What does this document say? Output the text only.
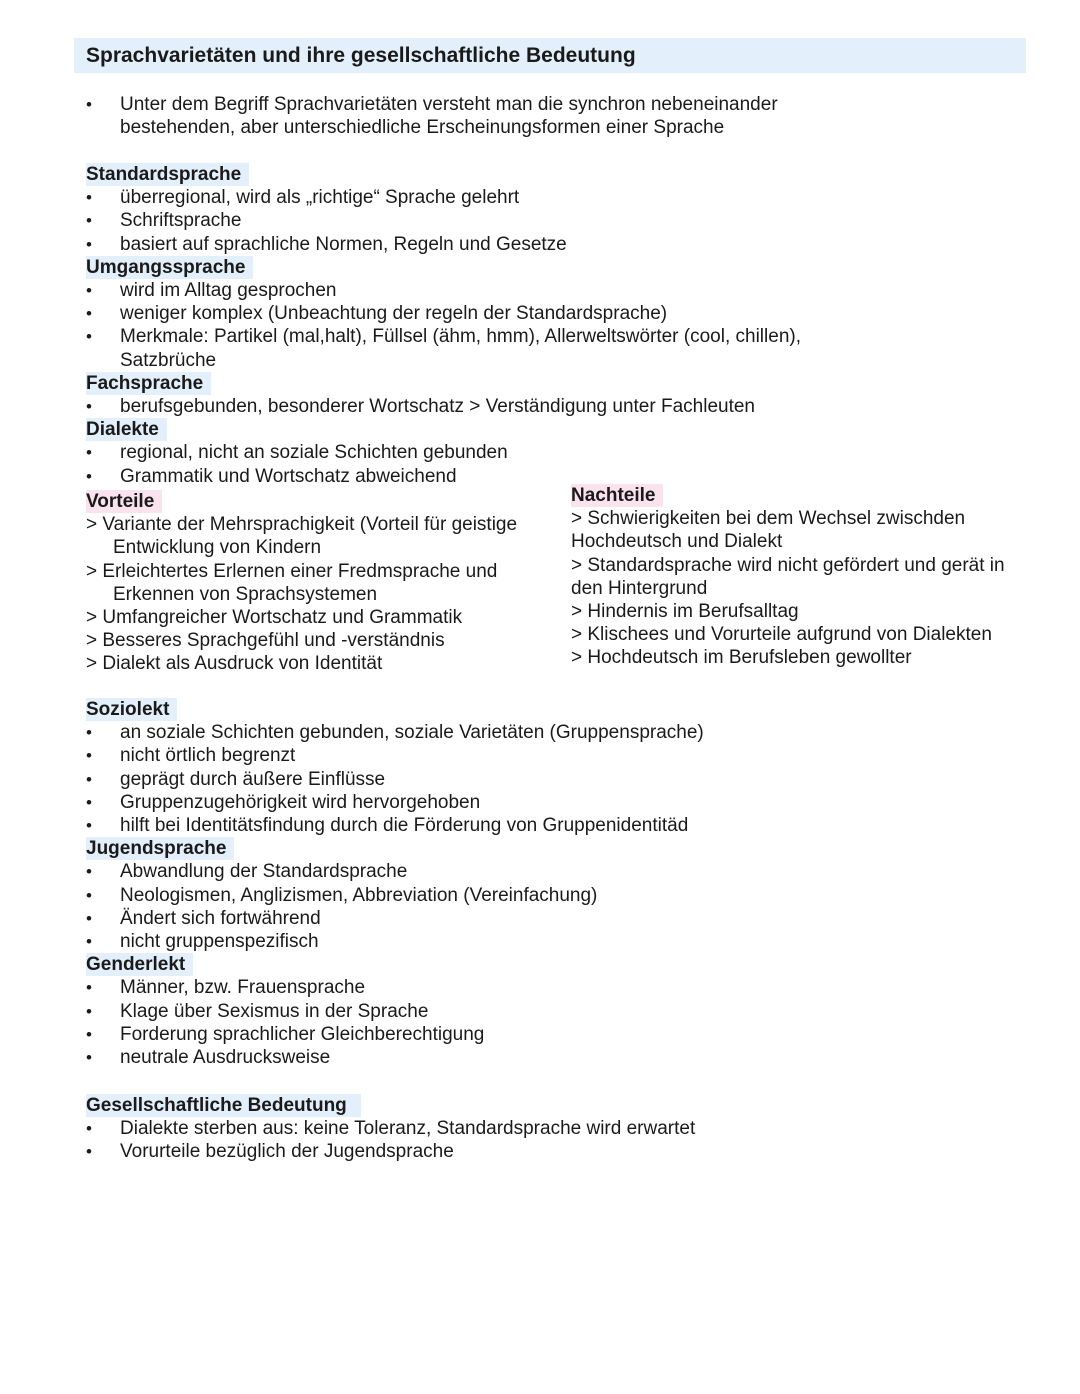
Sprachvarietäten und ihre gesellschaftliche Bedeutung
• Unter dem Begriff Sprachvarietäten versteht man die synchron nebeneinander
bestehenden, aber unterschiedliche Erscheinungsformen einer Sprache
Standardsprache
• überregional, wird als „richtige“ Sprache gelehrt
• Schriftsprache
• basiert auf sprachliche Normen, Regeln und Gesetze
Umgangssprache
• wird im Alltag gesprochen
• weniger komplex (Unbeachtung der regeln der Standardsprache)
• Merkmale: Partikel (mal,halt), Füllsel (ähm, hmm), Allerweltswörter (cool, chillen),
Satzbrüche
Fachsprache
• berufsgebunden, besonderer Wortschatz > Verständigung unter Fachleuten
Dialekte
• regional, nicht an soziale Schichten gebunden
• Grammatik und Wortschatz abweichend
Vorteile
> Variante der Mehrsprachigkeit (Vorteil für geistige
Entwicklung von Kindern
> Erleichtertes Erlernen einer Fredmsprache und
Erkennen von Sprachsystemen
> Umfangreicher Wortschatz und Grammatik
> Besseres Sprachgefühl und -verständnis
> Dialekt als Ausdruck von Identität
Nachteile
> Schwierigkeiten bei dem Wechsel zwischden
Hochdeutsch und Dialekt
> Standardsprache wird nicht gefördert und gerät in
den Hintergrund
> Hindernis im Berufsalltag
> Klischees und Vorurteile aufgrund von Dialekten
> Hochdeutsch im Berufsleben gewollter
Soziolekt
• an soziale Schichten gebunden, soziale Varietäten (Gruppensprache)
• nicht örtlich begrenzt
• geprägt durch äußere Einflüsse
• Gruppenzugehörigkeit wird hervorgehoben
• hilft bei Identitätsfindung durch die Förderung von Gruppenidentitäd
Jugendsprache
• Abwandlung der Standardsprache
• Neologismen, Anglizismen, Abbreviation (Vereinfachung)
• Ändert sich fortwährend
• nicht gruppenspezifisch
Genderlekt
• Männer, bzw. Frauensprache
• Klage über Sexismus in der Sprache
• Forderung sprachlicher Gleichberechtigung
• neutrale Ausdrucksweise
Gesellschaftliche Bedeutung
• Dialekte sterben aus: keine Toleranz, Standardsprache wird erwartet
• Vorurteile bezüglich der Jugendsprache
